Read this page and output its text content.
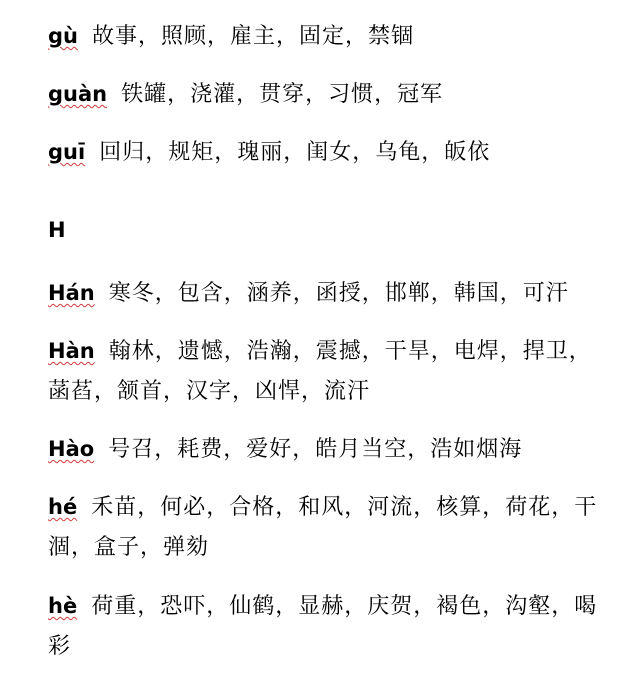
gù 故事，照顾，雇主，固定，禁锢
guàn 铁罐，浇灌，贯穿，习惯，冠军
guī 回归，规矩，瑰丽，闺女，乌龟，皈依
H
Hán 寒冬，包含，涵养，函授，邯郸，韩国，可汗
Hàn 翰林，遗憾，浩瀚，震撼，干旱，电焊，捍卫，菡萏，颔首，汉字，凶悍，流汗
Hào 号召，耗费，爱好，皓月当空，浩如烟海
hé 禾苗，何必，合格，和风，河流，核算，荷花，干涸，盒子，弹劾
hè 荷重，恐吓，仙鹤，显赫，庆贺，褐色，沟壑，喝彩
